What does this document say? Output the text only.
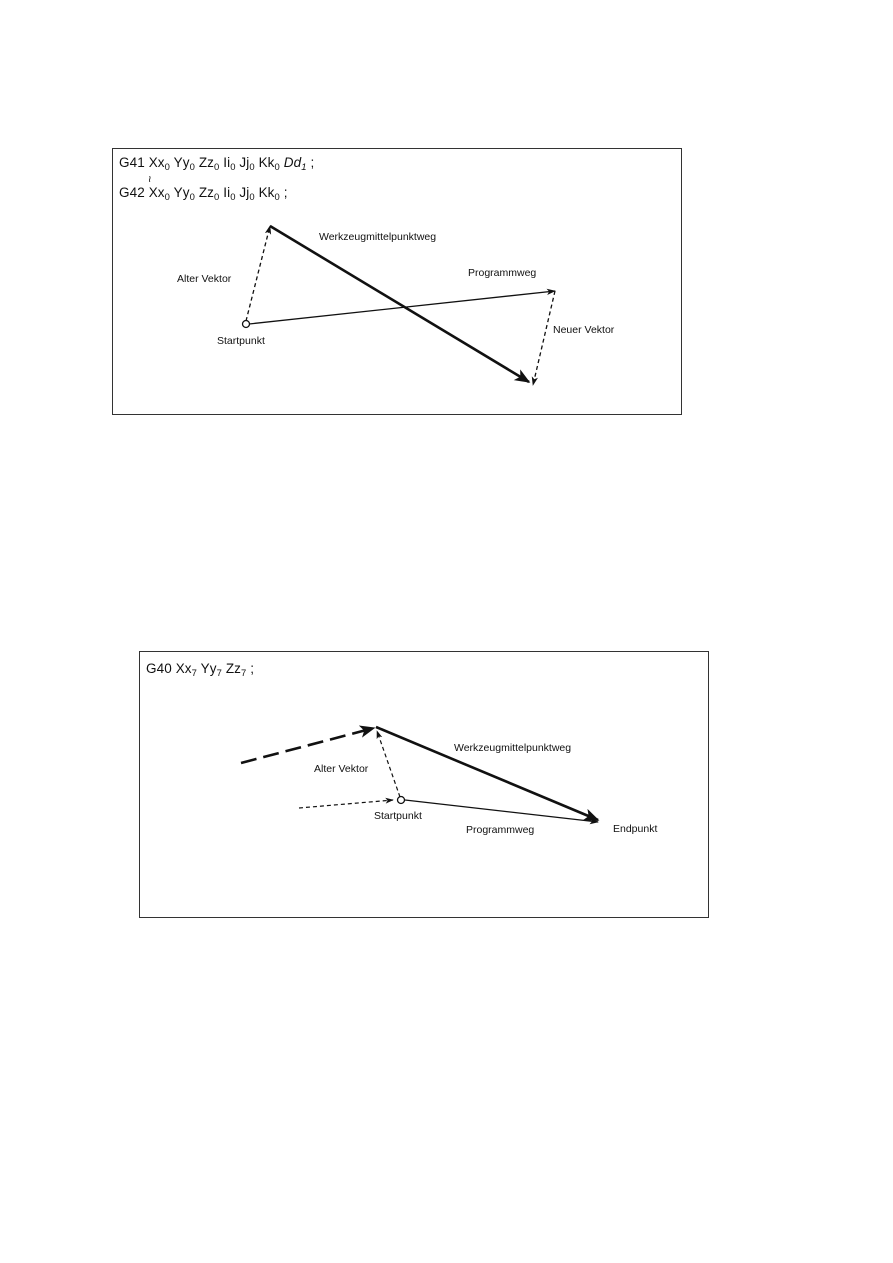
G41 $Xx_0$ $Yy_0$ $Zz_0$ $Ii_0$ $Jj_0$ $Kk_0$ $Dd_1$ ;
~
G42 $Xx_0$ $Yy_0$ $Zz_0$ $Ii_0$ $Jj_0$ $Kk_0$ ;
Werkzeugmittelpunktweg
Alter Vektor	Programmweg
Startpunkt
Neuer Vektor
G40 $Xx_7$ $Yy_7$ $Zz_7$ ;
Werkzeugmittelpunktweg
Alter Vektor
Startpunkt
Programmweg	Endpunkt
